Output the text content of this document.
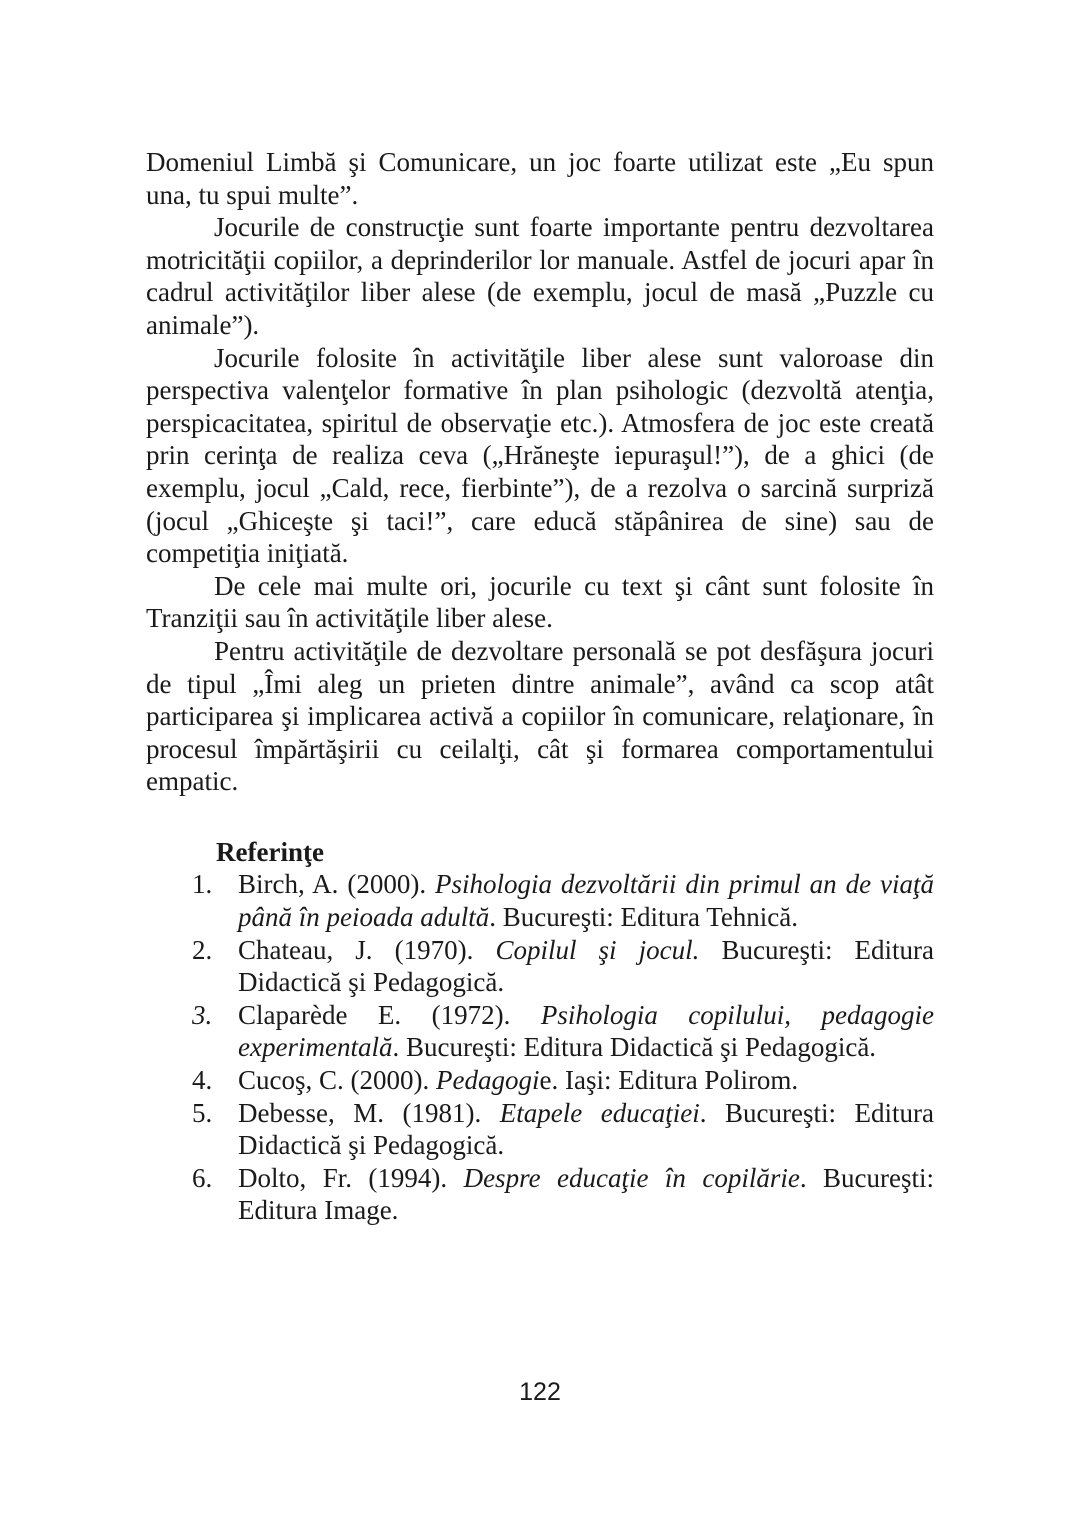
Domeniul Limbă şi Comunicare, un joc foarte utilizat este „Eu spun una, tu spui multe”.

Jocurile de construcţie sunt foarte importante pentru dezvoltarea motricităţii copiilor, a deprinderilor lor manuale. Astfel de jocuri apar în cadrul activităţilor liber alese (de exemplu, jocul de masă „Puzzle cu animale”).

Jocurile folosite în activităţile liber alese sunt valoroase din perspectiva valenţelor formative în plan psihologic (dezvoltă atenţia, perspicacitatea, spiritul de observaţie etc.). Atmosfera de joc este creată prin cerinţa de realiza ceva („Hrăneşte iepuraşul!”), de a ghici (de exemplu, jocul „Cald, rece, fierbinte”), de a rezolva o sarcină surpriză (jocul „Ghiceşte şi taci!”, care educă stăpânirea de sine) sau de competiţia iniţiată.

De cele mai multe ori, jocurile cu text şi cânt sunt folosite în Tranziţii sau în activităţile liber alese.

Pentru activităţile de dezvoltare personală se pot desfăşura jocuri de tipul „Îmi aleg un prieten dintre animale”, având ca scop atât participarea şi implicarea activă a copiilor în comunicare, relaţionare, în procesul împărtăşirii cu ceilalţi, cât şi formarea comportamentului empatic.

Referinţe
1. Birch, A. (2000). Psihologia dezvoltării din primul an de viaţă până în peioada adultă. Bucureşti: Editura Tehnică.
2. Chateau, J. (1970). Copilul şi jocul. Bucureşti: Editura Didactică şi Pedagogică.
3. Claparède E. (1972). Psihologia copilului, pedagogie experimentală. Bucureşti: Editura Didactică şi Pedagogică.
4. Cucoş, C. (2000). Pedagogie. Iaşi: Editura Polirom.
5. Debesse, M. (1981). Etapele educaţiei. Bucureşti: Editura Didactică şi Pedagogică.
6. Dolto, Fr. (1994). Despre educaţie în copilărie. Bucureşti: Editura Image.
122
